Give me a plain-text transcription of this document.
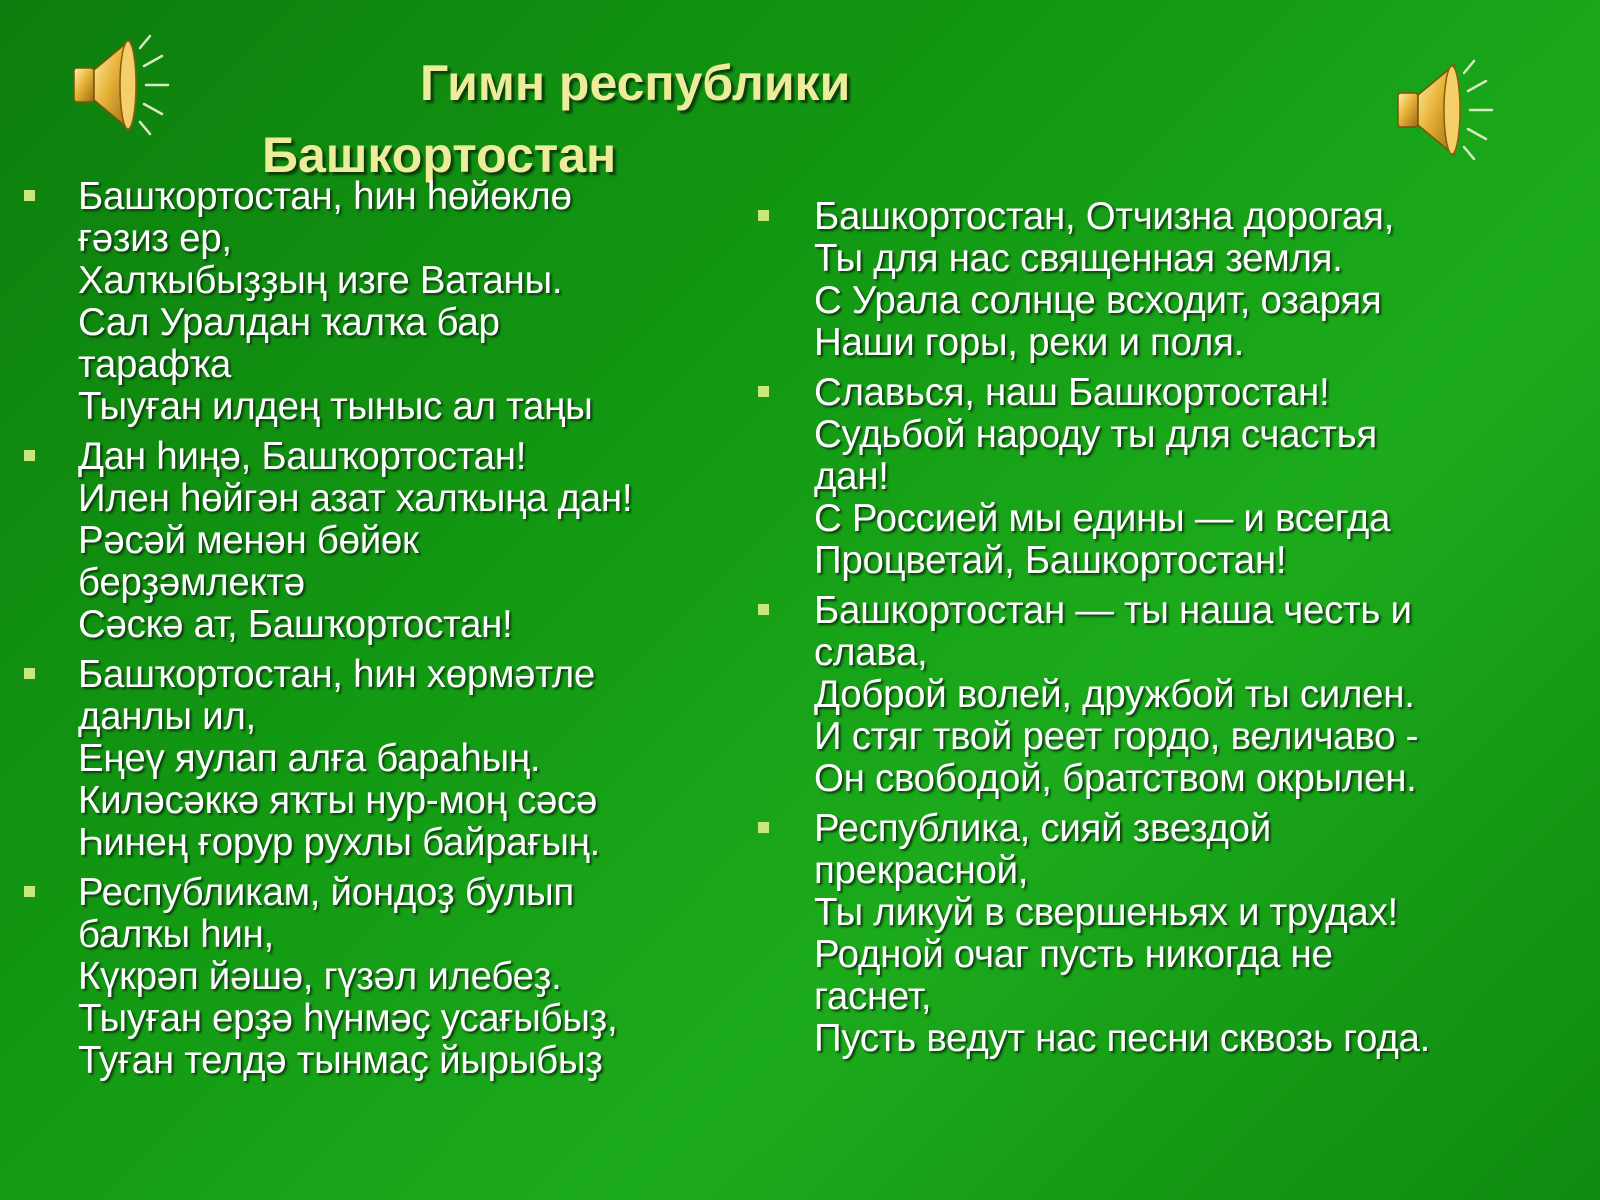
Гимн республики
Башкортостан
Башҡортостан, һин һөйөклө
ғәзиз ер,
Халҡыбыҙҙың изге Ватаны.
Сал Уралдан ҡалҡа бар
тарафҡа
Тыуған илдең тыныс ал таңы
Дан һиңә, Башҡортостан!
Илен һөйгән азат халҡыңа дан!
Рәсәй менән бөйөк
берҙәмлектә
Сәскә ат, Башҡортостан!
Башҡортостан, һин хөрмәтле
данлы ил,
Еңеү яулап алға бараһың.
Киләсәккә яҡты нур-моң сәсә
Һинең ғорур рухлы байрағың.
Республикам, йондоҙ булып
балҡы һин,
Күкрәп йәшә, гүзәл илебеҙ.
Тыуған ерҙә һүнмәҫ усағыбыҙ,
Туған телдә тынмаҫ йырыбыҙ
Башкортостан, Отчизна дорогая,
Ты для нас священная земля.
С Урала солнце всходит, озаряя
Наши горы, реки и поля.
Славься, наш Башкортостан!
Судьбой народу ты для счастья
дан!
С Россией мы едины — и всегда
Процветай, Башкортостан!
Башкортостан — ты наша честь и
слава,
Доброй волей, дружбой ты силен.
И стяг твой реет гордо, величаво -
Он свободой, братством окрылен.
Республика, сияй звездой
прекрасной,
Ты ликуй в свершеньях и трудах!
Родной очаг пусть никогда не
гаснет,
Пусть ведут нас песни сквозь года.
